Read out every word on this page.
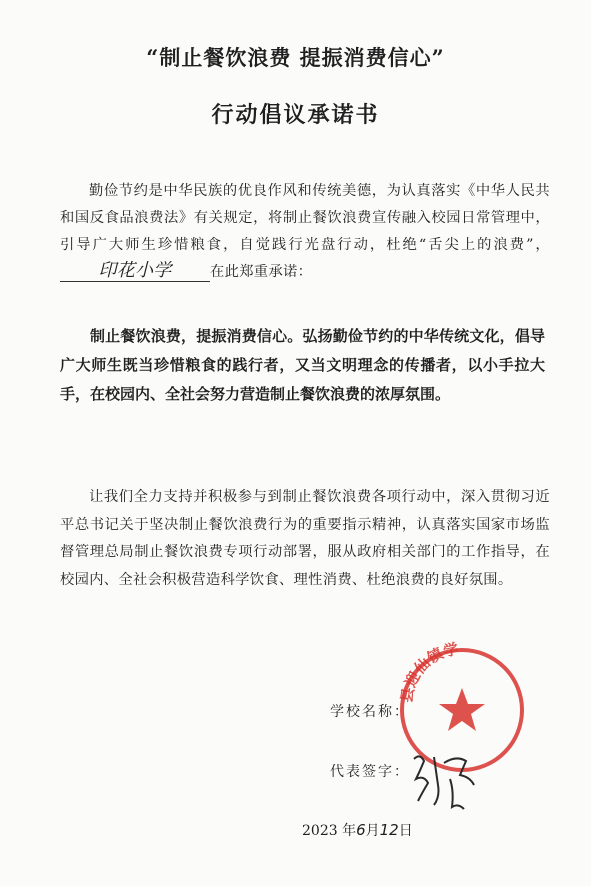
“制止餐饮浪费 提振消费信心”
行动倡议承诺书
勤俭节约是中华民族的优良作风和传统美德，为认真落实《中华人民共和国反食品浪费法》有关规定，将制止餐饮浪费宣传融入校园日常管理中，引导广大师生珍惜粮食，自觉践行光盘行动，杜绝“舌尖上的浪费”，印花小学	在此郑重承诺：
制止餐饮浪费，提振消费信心。弘扬勤俭节约的中华传统文化，倡导广大师生既当珍惜粮食的践行者，又当文明理念的传播者，以小手拉大手，在校园内、全社会努力营造制止餐饮浪费的浓厚氛围。
让我们全力支持并积极参与到制止餐饮浪费各项行动中，深入贯彻习近平总书记关于坚决制止餐饮浪费行为的重要指示精神，认真落实国家市场监督管理总局制止餐饮浪费专项行动部署，服从政府相关部门的工作指导，在校园内、全社会积极营造科学饮食、理性消费、杜绝浪费的良好氛围。
县迎仙镇学
学校名称：
代表签字：
2023 年6月12日
